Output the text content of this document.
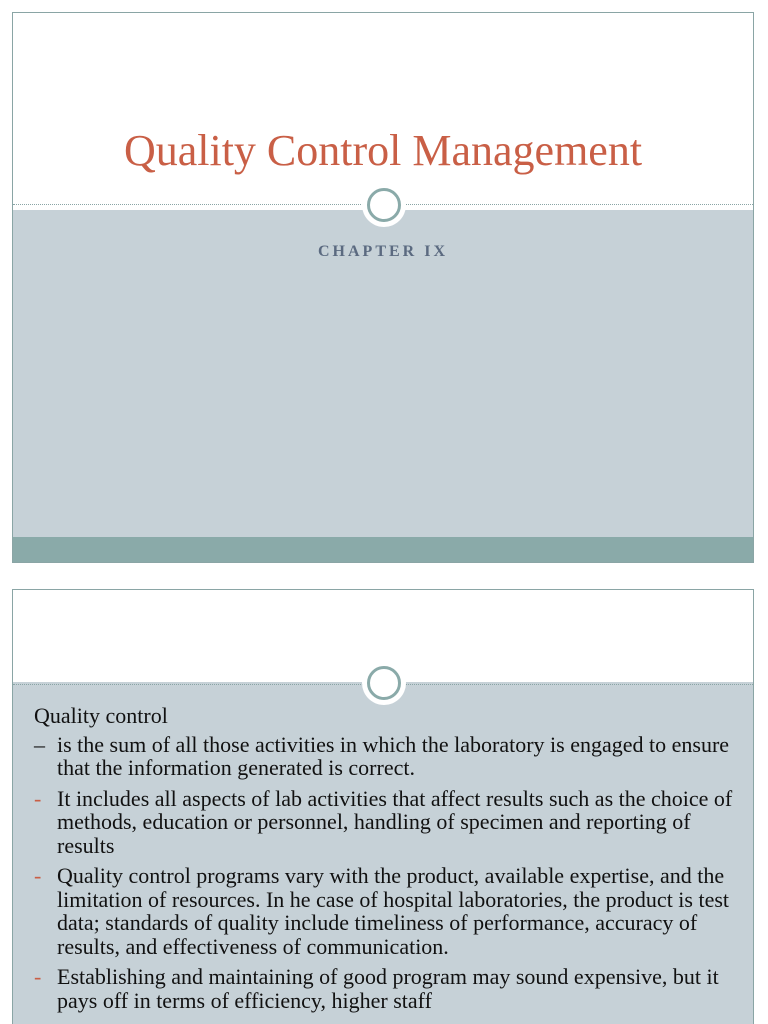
Quality Control Management
CHAPTER IX
Quality control
– is the sum of all those activities in which the laboratory is engaged to ensure that the information generated is correct.
- It includes all aspects of lab activities that affect results such as the choice of methods, education or personnel, handling of specimen and reporting of results
- Quality control programs vary with the product, available expertise, and the limitation of resources. In he case of hospital laboratories, the product is test data; standards of quality include timeliness of performance, accuracy of results, and effectiveness of communication.
- Establishing and maintaining of good program may sound expensive, but it pays off in terms of efficiency, higher staff
